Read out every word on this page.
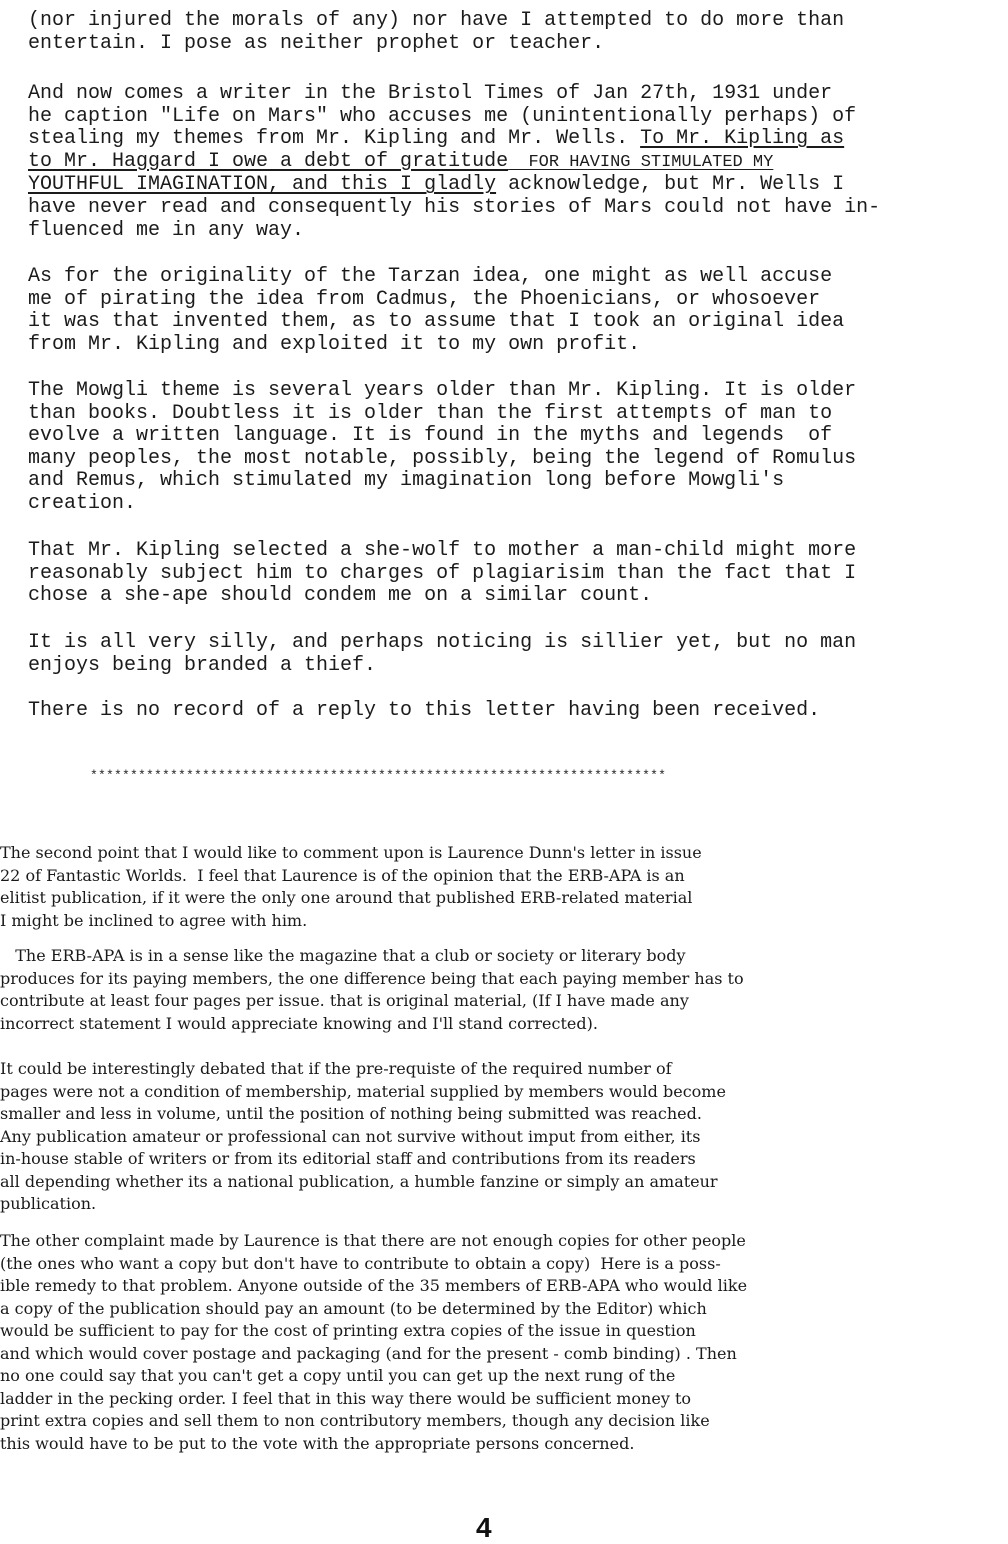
(nor injured the morals of any) nor have I attempted to do more than
entertain. I pose as neither prophet or teacher.
And now comes a writer in the Bristol Times of Jan 27th, 1931 under
he caption "Life on Mars" who accuses me (unintentionally perhaps) of
stealing my themes from Mr. Kipling and Mr. Wells. To Mr. Kipling as
to Mr. Haggard I owe a debt of gratitude  FOR HAVING STIMULATED MY
YOUTHFUL IMAGINATION, and this I gladly acknowledge, but Mr. Wells I
have never read and consequently his stories of Mars could not have in-
fluenced me in any way.
As for the originality of the Tarzan idea, one might as well accuse
me of pirating the idea from Cadmus, the Phoenicians, or whosoever
it was that invented them, as to assume that I took an original idea
from Mr. Kipling and exploited it to my own profit.
The Mowgli theme is several years older than Mr. Kipling. It is older
than books. Doubtless it is older than the first attempts of man to
evolve a written language. It is found in the myths and legends  of
many peoples, the most notable, possibly, being the legend of Romulus
and Remus, which stimulated my imagination long before Mowgli's
creation.
That Mr. Kipling selected a she-wolf to mother a man-child might more
reasonably subject him to charges of plagiarisim than the fact that I
chose a she-ape should condem me on a similar count.
It is all very silly, and perhaps noticing is sillier yet, but no man
enjoys being branded a thief.
There is no record of a reply to this letter having been received.
************************************************************************
The second point that I would like to comment upon is Laurence Dunn's letter in issue
22 of Fantastic Worlds.  I feel that Laurence is of the opinion that the ERB-APA is an
elitist publication, if it were the only one around that published ERB-related material
I might be inclined to agree with him.
The ERB-APA is in a sense like the magazine that a club or society or literary body
produces for its paying members, the one difference being that each paying member has to
contribute at least four pages per issue. that is original material, (If I have made any
incorrect statement I would appreciate knowing and I'll stand corrected).
It could be interestingly debated that if the pre-requiste of the required number of
pages were not a condition of membership, material supplied by members would become
smaller and less in volume, until the position of nothing being submitted was reached.
Any publication amateur or professional can not survive without imput from either, its
in-house stable of writers or from its editorial staff and contributions from its readers
all depending whether its a national publication, a humble fanzine or simply an amateur
publication.
The other complaint made by Laurence is that there are not enough copies for other people
(the ones who want a copy but don't have to contribute to obtain a copy)  Here is a poss-
ible remedy to that problem. Anyone outside of the 35 members of ERB-APA who would like
a copy of the publication should pay an amount (to be determined by the Editor) which
would be sufficient to pay for the cost of printing extra copies of the issue in question
and which would cover postage and packaging (and for the present - comb binding) . Then
no one could say that you can't get a copy until you can get up the next rung of the
ladder in the pecking order. I feel that in this way there would be sufficient money to
print extra copies and sell them to non contributory members, though any decision like
this would have to be put to the vote with the appropriate persons concerned.
4
